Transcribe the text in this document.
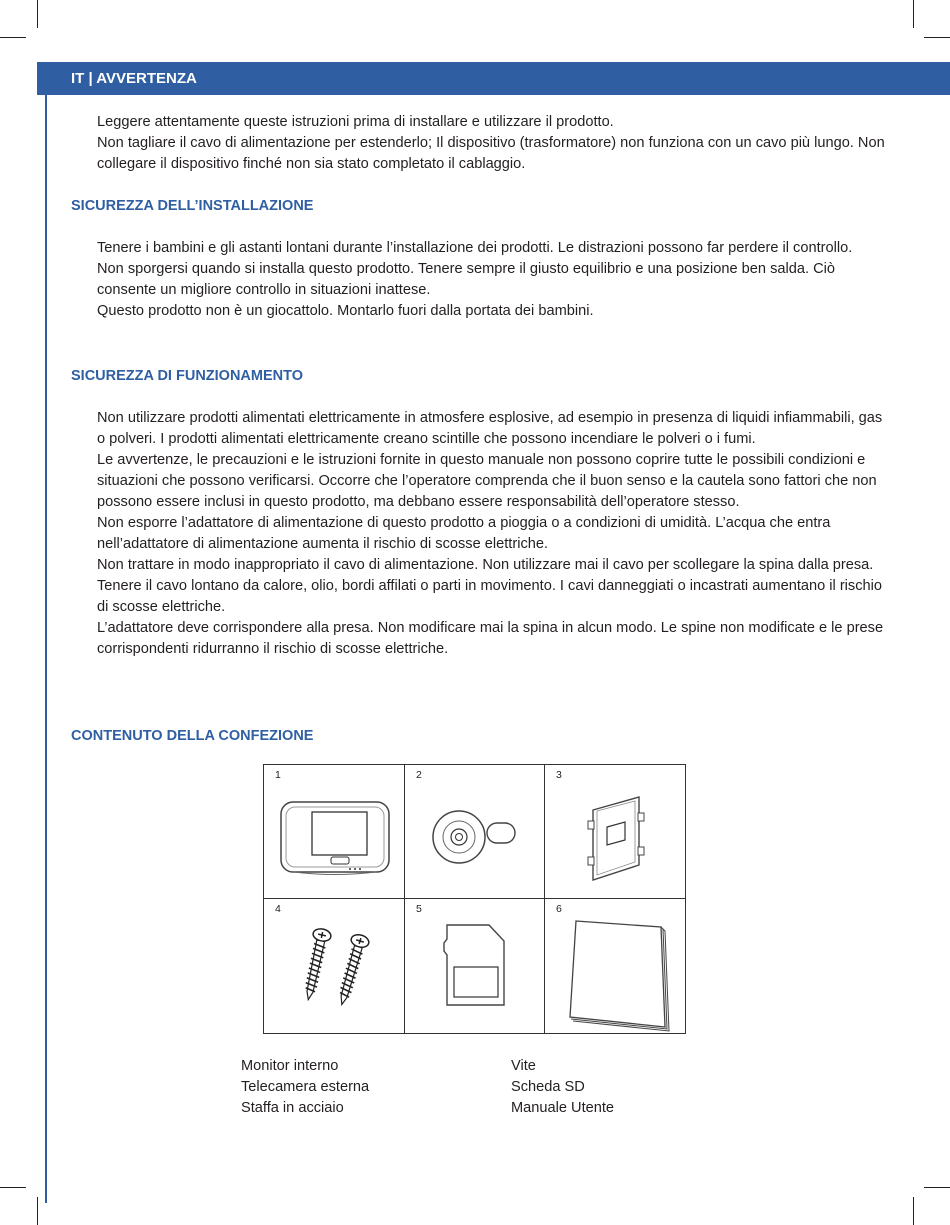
IT | AVVERTENZA

Leggere attentamente queste istruzioni prima di installare e utilizzare il prodotto.

Non tagliare il cavo di alimentazione per estenderlo; Il dispositivo (trasformatore) non funziona con un cavo più lungo. Non collegare il dispositivo finché non sia stato completato il cablaggio.

SICUREZZA DELL’INSTALLAZIONE

Tenere i bambini e gli astanti lontani durante l’installazione dei prodotti. Le distrazioni possono far perdere il controllo.

Non sporgersi quando si installa questo prodotto. Tenere sempre il giusto equilibrio e una posizione ben salda. Ciò consente un migliore controllo in situazioni inattese.

Questo prodotto non è un giocattolo. Montarlo fuori dalla portata dei bambini.

SICUREZZA DI FUNZIONAMENTO

Non utilizzare prodotti alimentati elettricamente in atmosfere esplosive, ad esempio in presenza di liquidi infiammabili, gas o polveri. I prodotti alimentati elettricamente creano scintille che possono incendiare le polveri o i fumi.

Le avvertenze, le precauzioni e le istruzioni fornite in questo manuale non possono coprire tutte le possibili condizioni e situazioni che possono verificarsi. Occorre che l’operatore comprenda che il buon senso e la cautela sono fattori che non possono essere inclusi in questo prodotto, ma debbano essere responsabilità dell’operatore stesso.

Non esporre l’adattatore di alimentazione di questo prodotto a pioggia o a condizioni di umidità. L’acqua che entra nell’adattatore di alimentazione aumenta il rischio di scosse elettriche.

Non trattare in modo inappropriato il cavo di alimentazione. Non utilizzare mai il cavo per scollegare la spina dalla presa. Tenere il cavo lontano da calore, olio, bordi affilati o parti in movimento. I cavi danneggiati o incastrati aumentano il rischio di scosse elettriche.

L’adattatore deve corrispondere alla presa. Non modificare mai la spina in alcun modo. Le spine non modificate e le prese corrispondenti ridurranno il rischio di scosse elettriche.

CONTENUTO DELLA CONFEZIONE
1	2	3
4	5	6
Monitor interno
Telecamera esterna
Staffa in acciaio
Vite
Scheda SD
Manuale Utente
